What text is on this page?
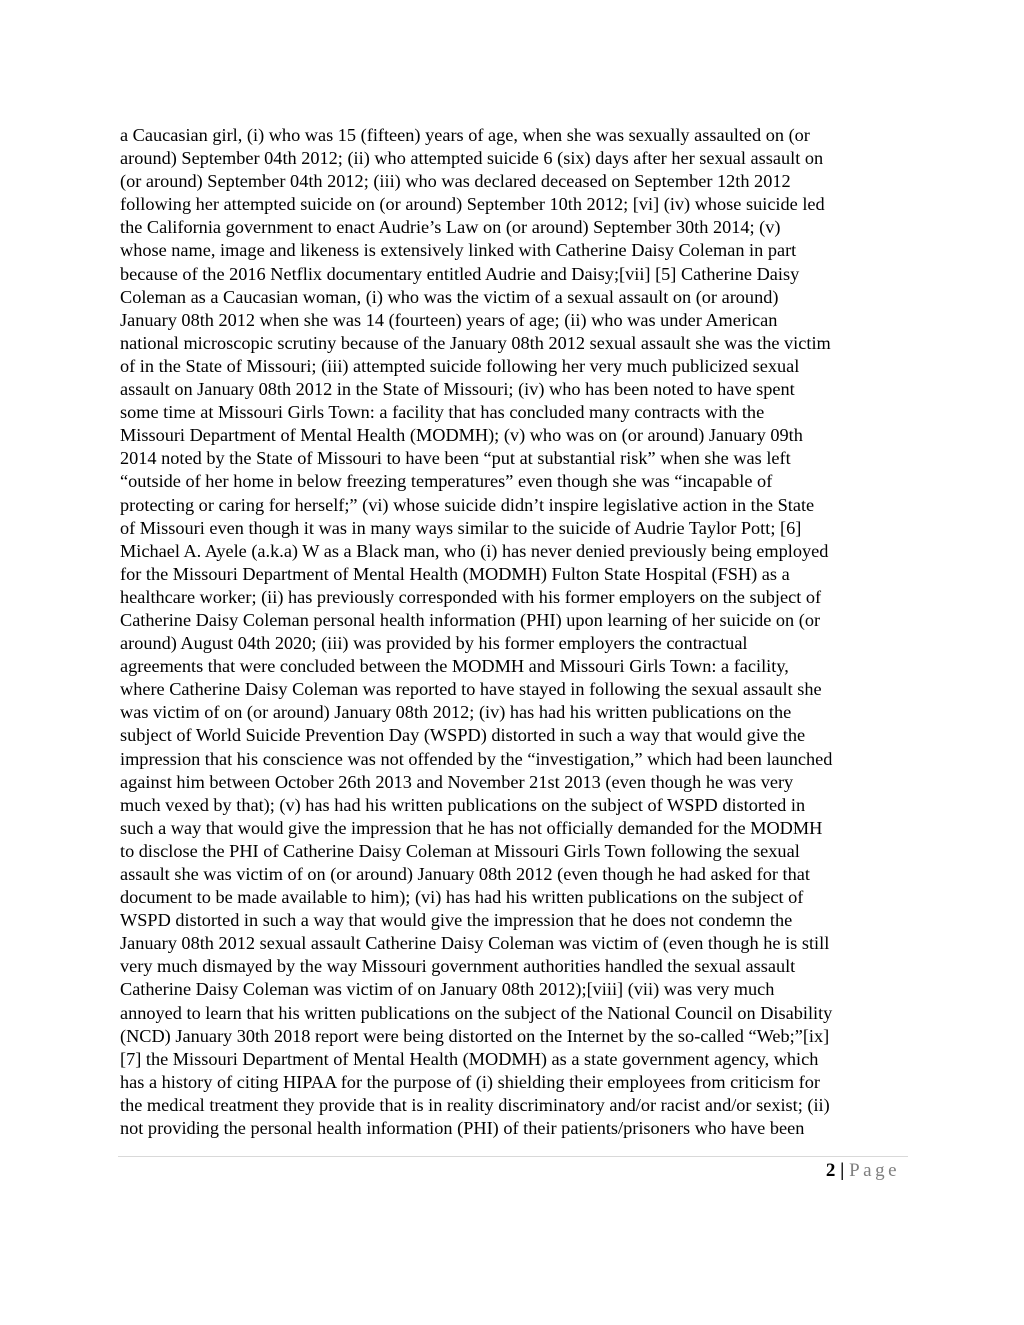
a Caucasian girl, (i) who was 15 (fifteen) years of age, when she was sexually assaulted on (or
around) September 04th 2012; (ii) who attempted suicide 6 (six) days after her sexual assault on
(or around) September 04th 2012; (iii) who was declared deceased on September 12th 2012
following her attempted suicide on (or around) September 10th 2012; [vi] (iv) whose suicide led
the California government to enact Audrie’s Law on (or around) September 30th 2014; (v)
whose name, image and likeness is extensively linked with Catherine Daisy Coleman in part
because of the 2016 Netflix documentary entitled Audrie and Daisy;[vii] [5] Catherine Daisy
Coleman as a Caucasian woman, (i) who was the victim of a sexual assault on (or around)
January 08th 2012 when she was 14 (fourteen) years of age; (ii) who was under American
national microscopic scrutiny because of the January 08th 2012 sexual assault she was the victim
of in the State of Missouri; (iii) attempted suicide following her very much publicized sexual
assault on January 08th 2012 in the State of Missouri; (iv) who has been noted to have spent
some time at Missouri Girls Town: a facility that has concluded many contracts with the
Missouri Department of Mental Health (MODMH); (v) who was on (or around) January 09th
2014 noted by the State of Missouri to have been “put at substantial risk” when she was left
“outside of her home in below freezing temperatures” even though she was “incapable of
protecting or caring for herself;” (vi) whose suicide didn’t inspire legislative action in the State
of Missouri even though it was in many ways similar to the suicide of Audrie Taylor Pott; [6]
Michael A. Ayele (a.k.a) W as a Black man, who (i) has never denied previously being employed
for the Missouri Department of Mental Health (MODMH) Fulton State Hospital (FSH) as a
healthcare worker; (ii) has previously corresponded with his former employers on the subject of
Catherine Daisy Coleman personal health information (PHI) upon learning of her suicide on (or
around) August 04th 2020; (iii) was provided by his former employers the contractual
agreements that were concluded between the MODMH and Missouri Girls Town: a facility,
where Catherine Daisy Coleman was reported to have stayed in following the sexual assault she
was victim of on (or around) January 08th 2012; (iv) has had his written publications on the
subject of World Suicide Prevention Day (WSPD) distorted in such a way that would give the
impression that his conscience was not offended by the “investigation,” which had been launched
against him between October 26th 2013 and November 21st 2013 (even though he was very
much vexed by that); (v) has had his written publications on the subject of WSPD distorted in
such a way that would give the impression that he has not officially demanded for the MODMH
to disclose the PHI of Catherine Daisy Coleman at Missouri Girls Town following the sexual
assault she was victim of on (or around) January 08th 2012 (even though he had asked for that
document to be made available to him); (vi) has had his written publications on the subject of
WSPD distorted in such a way that would give the impression that he does not condemn the
January 08th 2012 sexual assault Catherine Daisy Coleman was victim of (even though he is still
very much dismayed by the way Missouri government authorities handled the sexual assault
Catherine Daisy Coleman was victim of on January 08th 2012);[viii] (vii) was very much
annoyed to learn that his written publications on the subject of the National Council on Disability
(NCD) January 30th 2018 report were being distorted on the Internet by the so-called “Web;”[ix]
[7] the Missouri Department of Mental Health (MODMH) as a state government agency, which
has a history of citing HIPAA for the purpose of (i) shielding their employees from criticism for
the medical treatment they provide that is in reality discriminatory and/or racist and/or sexist; (ii)
not providing the personal health information (PHI) of their patients/prisoners who have been
2 | Page
